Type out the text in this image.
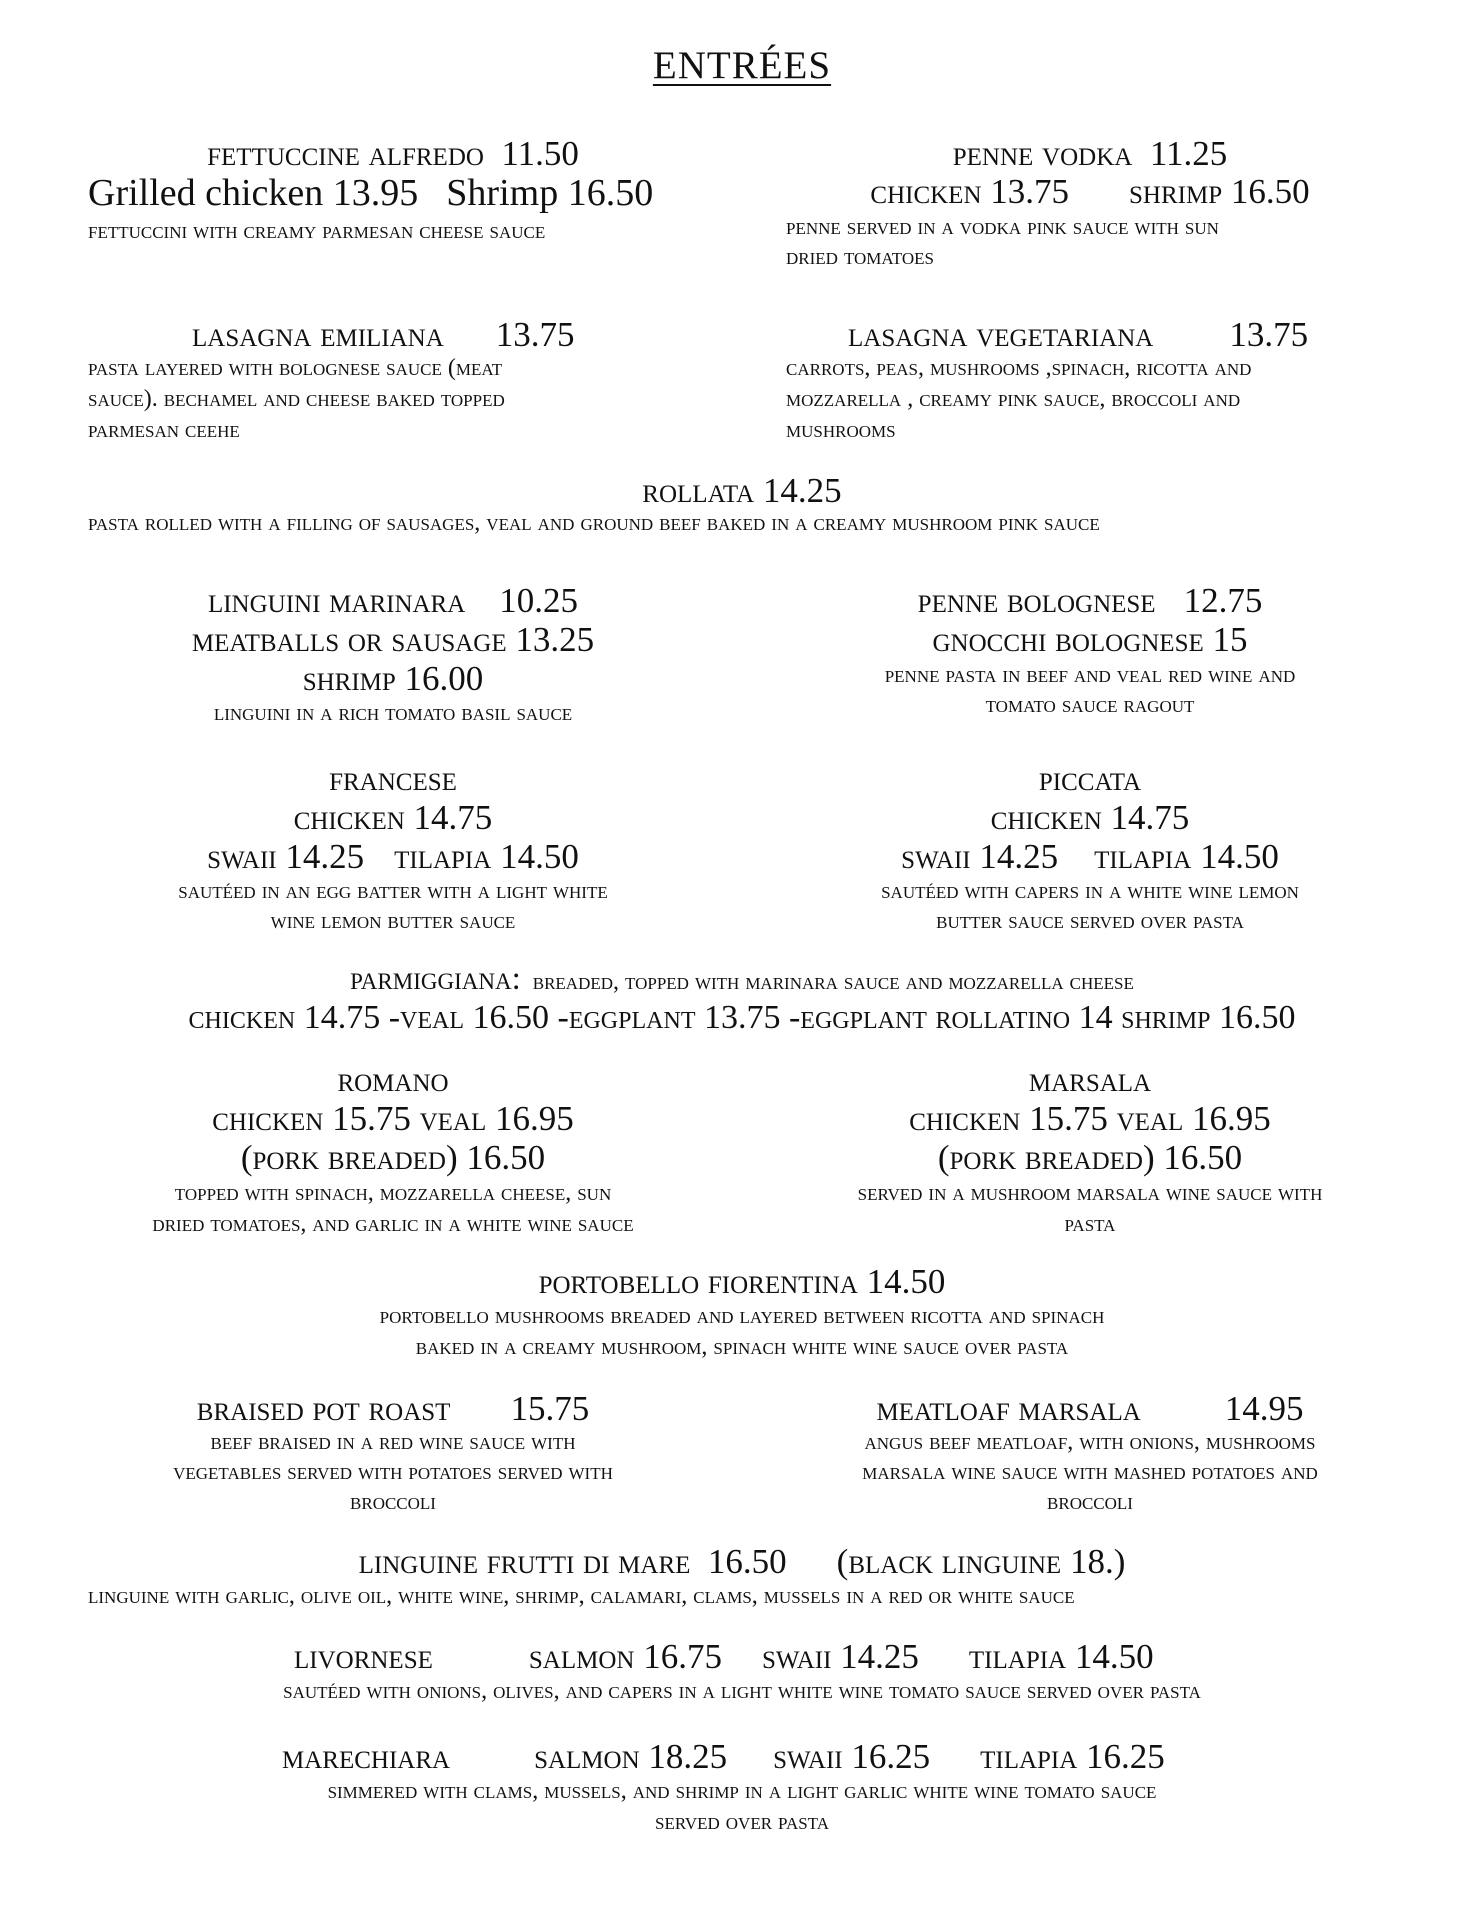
entrées
fettuccine alfredo 11.50
Grilled chicken 13.95 Shrimp 16.50
fettuccini with creamy parmesan cheese sauce
penne vodka 11.25
chicken 13.75 shrimp 16.50
penne served in a vodka pink sauce with sun
dried tomatoes
lasagna emiliana 13.75
pasta layered with bolognese sauce (meat
sauce). bechamel and cheese baked topped
parmesan ceehe
lasagna vegetariana 13.75
carrots, peas, mushrooms ,spinach, ricotta and
mozzarella , creamy pink sauce, broccoli and
mushrooms
rollata 14.25
pasta rolled with a filling of sausages, veal and ground beef baked in a creamy mushroom pink sauce
linguini marinara 10.25
meatballs or sausage 13.25
shrimp 16.00
linguini in a rich tomato basil sauce
penne bolognese 12.75
gnocchi bolognese 15
penne pasta in beef and veal red wine and
tomato sauce ragout
francese
chicken 14.75
swaii 14.25 tilapia 14.50
sautéed in an egg batter with a light white
wine lemon butter sauce
piccata
chicken 14.75
swaii 14.25 tilapia 14.50
sautéed with capers in a white wine lemon
butter sauce served over pasta
parmiggiana: breaded, topped with marinara sauce and mozzarella cheese
chicken 14.75 -veal 16.50 -eggplant 13.75 -eggplant rollatino 14 shrimp 16.50
romano
chicken 15.75 veal 16.95
(pork breaded) 16.50
topped with spinach, mozzarella cheese, sun
dried tomatoes, and garlic in a white wine sauce
marsala
chicken 15.75 veal 16.95
(pork breaded) 16.50
served in a mushroom marsala wine sauce with
pasta
portobello fiorentina 14.50
portobello mushrooms breaded and layered between ricotta and spinach
baked in a creamy mushroom, spinach white wine sauce over pasta
braised pot roast 15.75
beef braised in a red wine sauce with
vegetables served with potatoes served with
broccoli
meatloaf marsala 14.95
angus beef meatloaf, with onions, mushrooms
marsala wine sauce with mashed potatoes and
broccoli
linguine frutti di mare 16.50 (black linguine 18.)
linguine with garlic, olive oil, white wine, shrimp, calamari, clams, mussels in a red or white sauce
livornese	salmon 16.75 swaii 14.25 tilapia 14.50
sautéed with onions, olives, and capers in a light white wine tomato sauce served over pasta
marechiara salmon 18.25 swaii 16.25 tilapia 16.25
simmered with clams, mussels, and shrimp in a light garlic white wine tomato sauce
served over pasta
